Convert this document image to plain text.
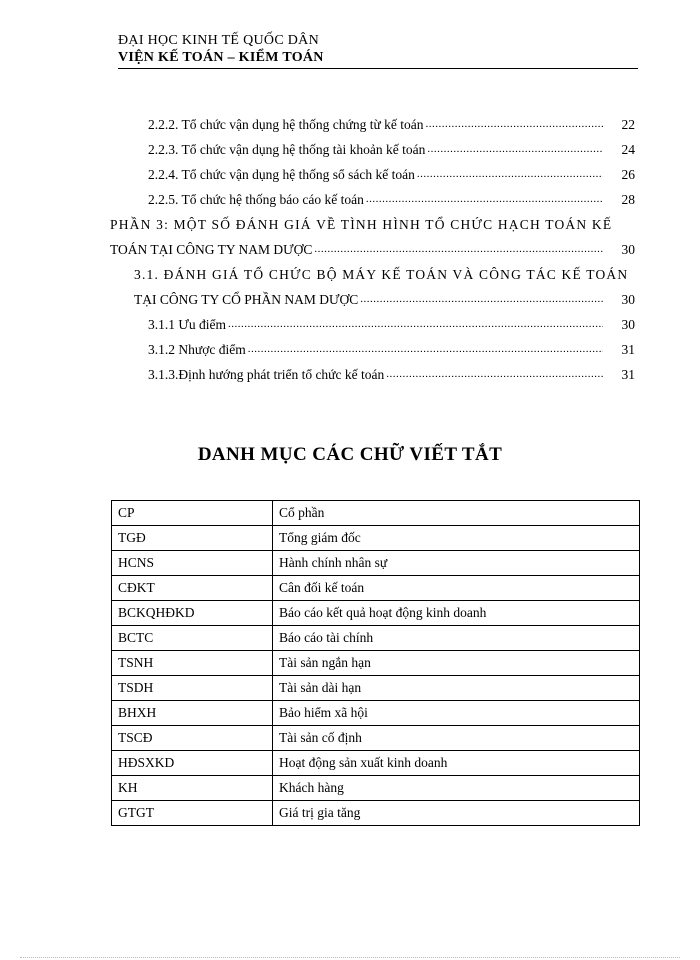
ĐẠI HỌC KINH TẾ QUỐC DÂN
VIỆN KẾ TOÁN – KIỂM TOÁN
2.2.2. Tổ chức vận dụng hệ thống chứng từ kế toán .....	22
2.2.3. Tổ chức vận dụng hệ thống tài khoản kế toán .....	24
2.2.4. Tổ chức vận dụng hệ thống sổ sách kế toán .....	26
2.2.5. Tổ chức hệ thống báo cáo kế toán .....	28
PHẦN 3: MỘT SỐ ĐÁNH GIÁ VỀ TÌNH HÌNH TỔ CHỨC HẠCH TOÁN KẾ
TOÁN TẠI CÔNG TY NAM DƯỢC .....	30
3.1. ĐÁNH GIÁ TỔ CHỨC BỘ MÁY KẾ TOÁN VÀ CÔNG TÁC KẾ TOÁN
TẠI CÔNG TY CỔ PHẦN NAM DƯỢC .....	30
3.1.1 Ưu điểm .....	30
3.1.2 Nhược điểm .....	31
3.1.3.Định hướng phát triển tổ chức kế toán .....	31
DANH MỤC CÁC CHỮ VIẾT TẮT
CP	Cổ phần
TGĐ	Tổng giám đốc
HCNS	Hành chính nhân sự
CĐKT	Cân đối kế toán
BCKQHĐKD	Báo cáo kết quả hoạt động kinh doanh
BCTC	Báo cáo tài chính
TSNH	Tài sản ngắn hạn
TSDH	Tài sản dài hạn
BHXH	Bảo hiểm xã hội
TSCĐ	Tài sản cố định
HĐSXKD	Hoạt động sản xuất kinh doanh
KH	Khách hàng
GTGT	Giá trị gia tăng
